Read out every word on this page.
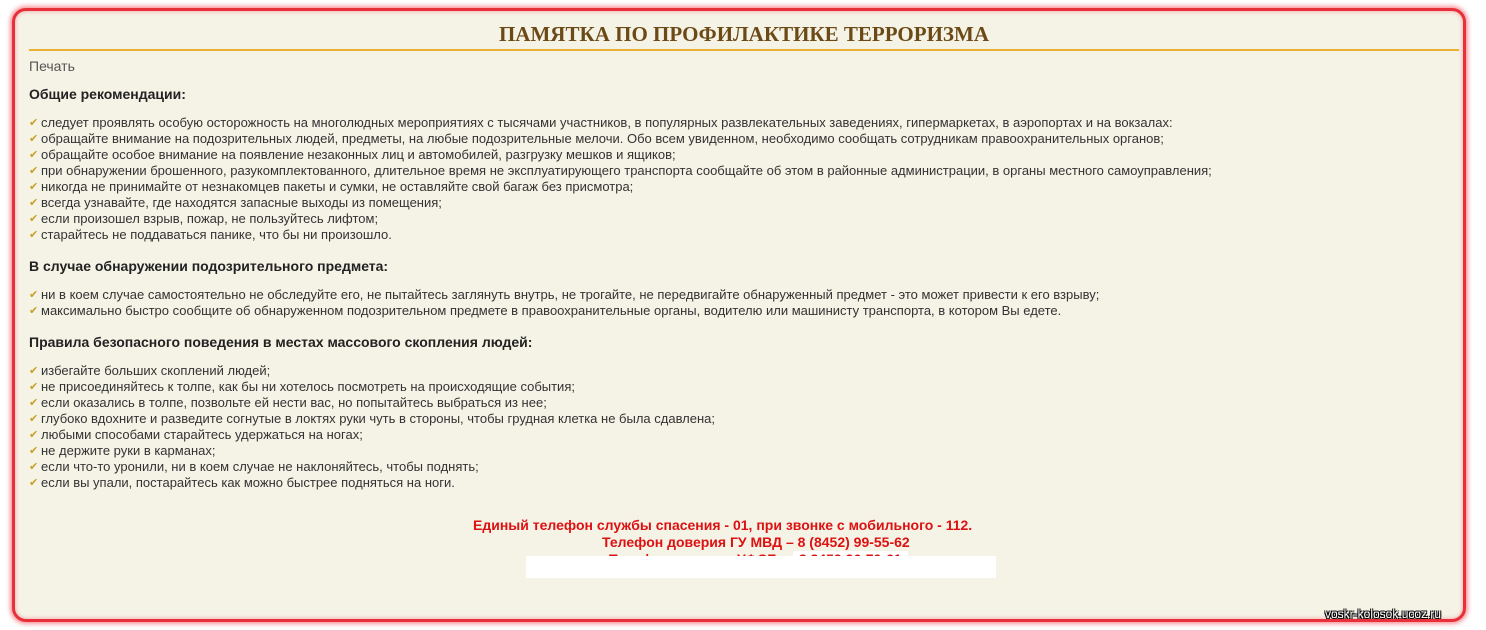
ПАМЯТКА ПО ПРОФИЛАКТИКЕ ТЕРРОРИЗМА
Печать

Общие рекомендации:

✔ следует проявлять особую осторожность на многолюдных мероприятиях с тысячами участников, в популярных развлекательных заведениях, гипермаркетах, в аэропортах и на вокзалах:
✔ обращайте внимание на подозрительных людей, предметы, на любые подозрительные мелочи. Обо всем увиденном, необходимо сообщать сотрудникам правоохранительных органов;
✔ обращайте особое внимание на появление незаконных лиц и автомобилей, разгрузку мешков и ящиков;
✔ при обнаружении брошенного, разукомплектованного, длительное время не эксплуатирующего транспорта сообщайте об этом в районные администрации, в органы местного самоуправления;
✔ никогда не принимайте от незнакомцев пакеты и сумки, не оставляйте свой багаж без присмотра;
✔ всегда узнавайте, где находятся запасные выходы из помещения;
✔ если произошел взрыв, пожар, не пользуйтесь лифтом;
✔ старайтесь не поддаваться панике, что бы ни произошло.

В случае обнаружении подозрительного предмета:

✔ ни в коем случае самостоятельно не обследуйте его, не пытайтесь заглянуть внутрь, не трогайте, не передвигайте обнаруженный предмет - это может привести к его взрыву;
✔ максимально быстро сообщите об обнаруженном подозрительном предмете в правоохранительные органы, водителю или машинисту транспорта, в котором Вы едете.

Правила безопасного поведения в местах массового скопления людей:

✔ избегайте больших скоплений людей;
✔ не присоединяйтесь к толпе, как бы ни хотелось посмотреть на происходящие события;
✔ если оказались в толпе, позвольте ей нести вас, но попытайтесь выбраться из нее;
✔ глубоко вдохните и разведите согнутые в локтях руки чуть в стороны, чтобы грудная клетка не была сдавлена;
✔ любыми способами старайтесь удержаться на ногах;
✔ не держите руки в карманах;
✔ если что-то уронили, ни в коем случае не наклоняйтесь, чтобы поднять;
✔ если вы упали, постарайтесь как можно быстрее подняться на ноги.
Единый телефон службы спасения - 01, при звонке с мобильного - 112.
Телефон доверия ГУ МВД – 8 (8452) 99-55-62
voskr-kolosok.ucoz.ru
